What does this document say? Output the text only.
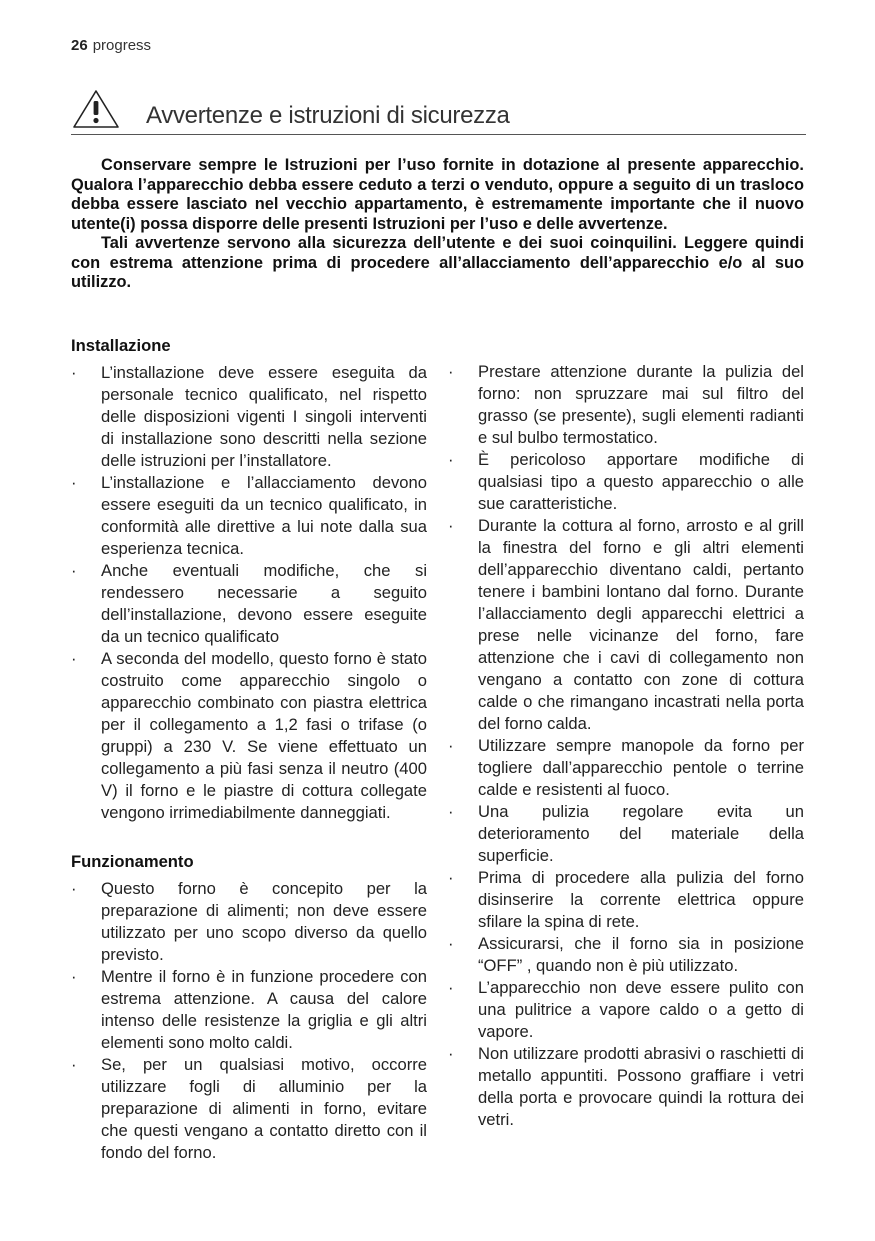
26 progress
Avvertenze e istruzioni di sicurezza

Conservare sempre le Istruzioni per l’uso fornite in dotazione al presente apparecchio. Qualora l’apparecchio debba essere ceduto a terzi o venduto, oppure a seguito di un trasloco debba essere lasciato nel vecchio appartamento, è estremamente importante che il nuovo utente(i) possa disporre delle presenti Istruzioni per l’uso e delle avvertenze.

Tali avvertenze servono alla sicurezza dell’utente e dei suoi coinquilini. Leggere quindi con estrema attenzione prima di procedere all’allacciamento dell’apparecchio e/o al suo utilizzo.

Installazione
· L’installazione deve essere eseguita da personale tecnico qualificato, nel rispetto delle disposizioni vigenti I singoli interventi di installazione sono descritti nella sezione delle istruzioni per l’installatore.
· L’installazione e l’allacciamento devono essere eseguiti da un tecnico qualificato, in conformità alle direttive a lui note dalla sua esperienza tecnica.
· Anche eventuali modifiche, che si rendessero necessarie a seguito dell’installazione, devono essere eseguite da un tecnico qualificato
· A seconda del modello, questo forno è stato costruito come apparecchio singolo o apparecchio combinato con piastra elettrica per il collegamento a 1,2 fasi o trifase (o gruppi) a 230 V. Se viene effettuato un collegamento a più fasi senza il neutro (400 V) il forno e le piastre di cottura collegate vengono irrimediabilmente danneggiati.
Funzionamento
· Questo forno è concepito per la preparazione di alimenti; non deve essere utilizzato per uno scopo diverso da quello previsto.
· Mentre il forno è in funzione procedere con estrema attenzione. A causa del calore intenso delle resistenze la griglia e gli altri elementi sono molto caldi.
· Se, per un qualsiasi motivo, occorre utilizzare fogli di alluminio per la preparazione di alimenti in forno, evitare che questi vengano a contatto diretto con il fondo del forno.
· Prestare attenzione durante la pulizia del forno: non spruzzare mai sul filtro del grasso (se presente), sugli elementi radianti e sul bulbo termostatico.
· È pericoloso apportare modifiche di qualsiasi tipo a questo apparecchio o alle sue caratteristiche.
· Durante la cottura al forno, arrosto e al grill la finestra del forno e gli altri elementi dell’apparecchio diventano caldi, pertanto tenere i bambini lontano dal forno. Durante l’allacciamento degli apparecchi elettrici a prese nelle vicinanze del forno, fare attenzione che i cavi di collegamento non vengano a contatto con zone di cottura calde o che rimangano incastrati nella porta del forno calda.
· Utilizzare sempre manopole da forno per togliere dall’apparecchio pentole o terrine calde e resistenti al fuoco.
· Una pulizia regolare evita un deterioramento del materiale della superficie.
· Prima di procedere alla pulizia del forno disinserire la corrente elettrica oppure sfilare la spina di rete.
· Assicurarsi, che il forno sia in posizione “OFF” , quando non è più utilizzato.
· L’apparecchio non deve essere pulito con una pulitrice a vapore caldo o a getto di vapore.
· Non utilizzare prodotti abrasivi o raschietti di metallo appuntiti. Possono graffiare i vetri della porta e provocare quindi la rottura dei vetri.
